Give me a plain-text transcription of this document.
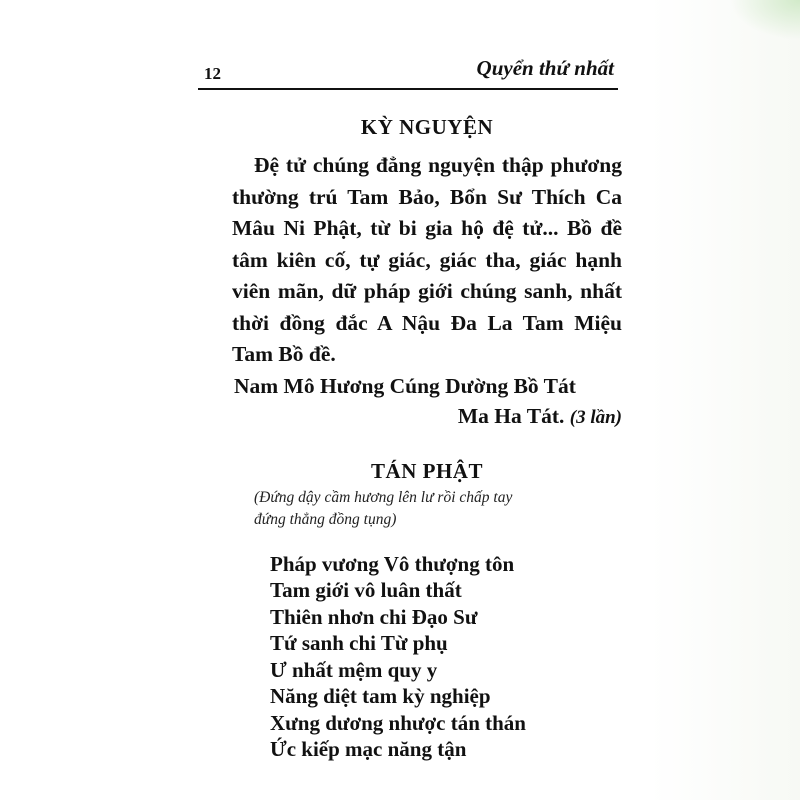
12	Quyển thứ nhất
KỲ NGUYỆN
Đệ tử chúng đẳng nguyện thập phương thường trú Tam Bảo, Bổn Sư Thích Ca Mâu Ni Phật, từ bi gia hộ đệ tử... Bồ đề tâm kiên cố, tự giác, giác tha, giác hạnh viên mãn, dữ pháp giới chúng sanh, nhất thời đồng đắc A Nậu Đa La Tam Miệu Tam Bồ đề.
Nam Mô Hương Cúng Dường Bồ Tát
Ma Ha Tát. (3 lần)
TÁN PHẬT
(Đứng dậy cầm hương lên lư rồi chấp tay
đứng thẳng đồng tụng)
Pháp vương Vô thượng tôn
Tam giới vô luân thất
Thiên nhơn chi Đạo Sư
Tứ sanh chi Từ phụ
Ư nhất mệm quy y
Năng diệt tam kỳ nghiệp
Xưng dương nhược tán thán
Ức kiếp mạc năng tận
